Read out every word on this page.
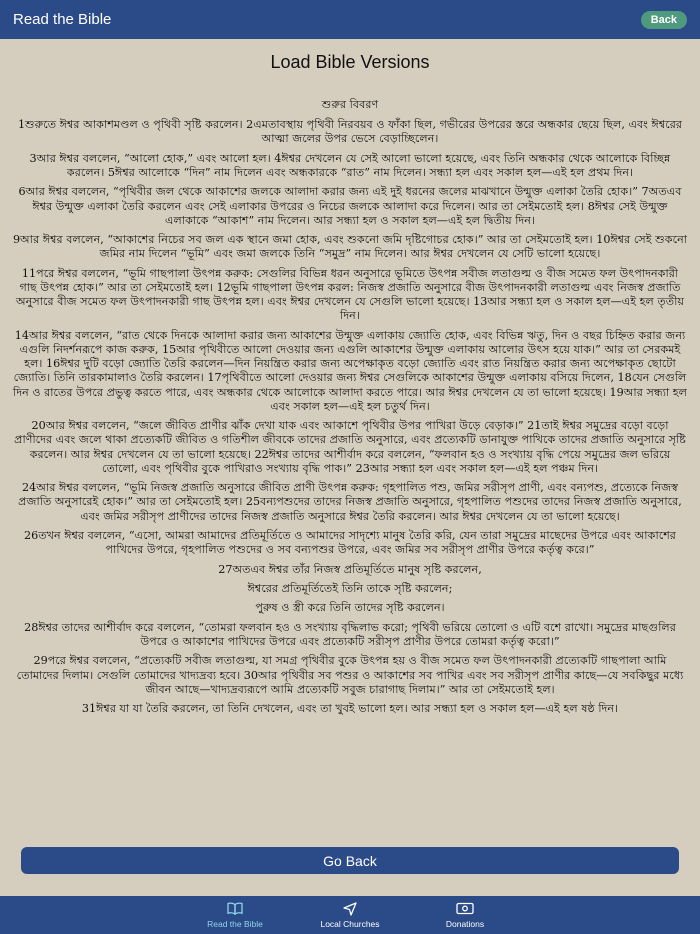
Read the Bible	Back
Load Bible Versions

শুরুর বিবরণ

1শুরুতে ঈশ্বর আকাশমণ্ডল ও পৃথিবী সৃষ্টি করলেন। 2এমতাবস্থায় পৃথিবী নিরবয়ব ও ফাঁকা ছিল, গভীরের উপরের স্তরে অন্ধকার ছেয়ে ছিল, এবং ঈশ্বরের আত্মা জলের উপর ভেসে বেড়াচ্ছিলেন।

3আর ঈশ্বর বললেন, “আলো হোক,” এবং আলো হল। 4ঈশ্বর দেখলেন যে সেই আলো ভালো হয়েছে, এবং তিনি অন্ধকার থেকে আলোকে বিচ্ছিন্ন করলেন। 5ঈশ্বর আলোকে “দিন” নাম দিলেন এবং অন্ধকারকে “রাত” নাম দিলেন। সন্ধ্যা হল এবং সকাল হল—এই হল প্রথম দিন।

6আর ঈশ্বর বললেন, “পৃথিবীর জল থেকে আকাশের জলকে আলাদা করার জন্য এই দুই ধরনের জলের মাঝখানে উন্মুক্ত এলাকা তৈরি হোক।” 7অতএব ঈশ্বর উন্মুক্ত এলাকা তৈরি করলেন এবং সেই এলাকার উপরের ও নিচের জলকে আলাদা করে দিলেন। আর তা সেইমতোই হল। 8ঈশ্বর সেই উন্মুক্ত এলাকাকে “আকাশ” নাম দিলেন। আর সন্ধ্যা হল ও সকাল হল—এই হল দ্বিতীয় দিন।

9আর ঈশ্বর বললেন, “আকাশের নিচের সব জল এক স্থানে জমা হোক, এবং শুকনো জমি দৃষ্টিগোচর হোক।” আর তা সেইমতোই হল। 10ঈশ্বর সেই শুকনো জমির নাম দিলেন “ভূমি” এবং জমা জলকে তিনি “সমুদ্র” নাম দিলেন। আর ঈশ্বর দেখলেন যে সেটি ভালো হয়েছে।

11পরে ঈশ্বর বললেন, “ভূমি গাছপালা উৎপন্ন করুক: সেগুলির বিভিন্ন ধরন অনুসারে ভূমিতে উৎপন্ন সবীজ লতাগুল্ম ও বীজ সমেত ফল উৎপাদনকারী গাছ উৎপন্ন হোক।” আর তা সেইমতোই হল। 12ভূমি গাছপালা উৎপন্ন করল: নিজস্ব প্রজাতি অনুসারে বীজ উৎপাদনকারী লতাগুল্ম এবং নিজস্ব প্রজাতি অনুসারে বীজ সমেত ফল উৎপাদনকারী গাছ উৎপন্ন হল। এবং ঈশ্বর দেখলেন যে সেগুলি ভালো হয়েছে। 13আর সন্ধ্যা হল ও সকাল হল—এই হল তৃতীয় দিন।

14আর ঈশ্বর বললেন, “রাত থেকে দিনকে আলাদা করার জন্য আকাশের উন্মুক্ত এলাকায় জ্যোতি হোক, এবং বিভিন্ন ঋতু, দিন ও বছর চিহ্নিত করার জন্য এগুলি নিদর্শনরূপে কাজ করুক, 15আর পৃথিবীতে আলো দেওয়ার জন্য এগুলি আকাশের উন্মুক্ত এলাকায় আলোর উৎস হয়ে যাক।” আর তা সেরকমই হল। 16ঈশ্বর দুটি বড়ো জ্যোতি তৈরি করলেন—দিন নিয়ন্ত্রিত করার জন্য অপেক্ষাকৃত বড়ো জ্যোতি এবং রাত নিয়ন্ত্রিত করার জন্য অপেক্ষাকৃত ছোটো জ্যোতি। তিনি তারকামালাও তৈরি করলেন। 17পৃথিবীতে আলো দেওয়ার জন্য ঈশ্বর সেগুলিকে আকাশের উন্মুক্ত এলাকায় বসিয়ে দিলেন, 18যেন সেগুলি দিন ও রাতের উপরে প্রভুত্ব করতে পারে, এবং অন্ধকার থেকে আলোকে আলাদা করতে পারে। আর ঈশ্বর দেখলেন যে তা ভালো হয়েছে। 19আর সন্ধ্যা হল এবং সকাল হল—এই হল চতুর্থ দিন।

20আর ঈশ্বর বললেন, “জলে জীবিত প্রাণীর ঝাঁক দেখা যাক এবং আকাশে পৃথিবীর উপর পাখিরা উড়ে বেড়াক।” 21তাই ঈশ্বর সমুদ্রের বড়ো বড়ো প্রাণীদের এবং জলে থাকা প্রত্যেকটি জীবিত ও গতিশীল জীবকে তাদের প্রজাতি অনুসারে, এবং প্রত্যেকটি ডানাযুক্ত পাখিকে তাদের প্রজাতি অনুসারে সৃষ্টি করলেন। আর ঈশ্বর দেখলেন যে তা ভালো হয়েছে। 22ঈশ্বর তাদের আশীর্বাদ করে বললেন, “ফলবান হও ও সংখ্যায় বৃদ্ধি পেয়ে সমুদ্রের জল ভরিয়ে তোলো, এবং পৃথিবীর বুকে পাখিরাও সংখ্যায় বৃদ্ধি পাক।” 23আর সন্ধ্যা হল এবং সকাল হল—এই হল পঞ্চম দিন।

24আর ঈশ্বর বললেন, “ভূমি নিজস্ব প্রজাতি অনুসারে জীবিত প্রাণী উৎপন্ন করুক: গৃহপালিত পশু, জমির সরীসৃপ প্রাণী, এবং বন্যপশু, প্রত্যেকে নিজস্ব প্রজাতি অনুসারেই হোক।” আর তা সেইমতোই হল। 25বন্যপশুদের তাদের নিজস্ব প্রজাতি অনুসারে, গৃহপালিত পশুদের তাদের নিজস্ব প্রজাতি অনুসারে, এবং জমির সরীসৃপ প্রাণীদের তাদের নিজস্ব প্রজাতি অনুসারে ঈশ্বর তৈরি করলেন। আর ঈশ্বর দেখলেন যে তা ভালো হয়েছে।

26তখন ঈশ্বর বললেন, “এসো, আমরা আমাদের প্রতিমূর্তিতে ও আমাদের সাদৃশ্যে মানুষ তৈরি করি, যেন তারা সমুদ্রের মাছেদের উপরে এবং আকাশের পাখিদের উপরে, গৃহপালিত পশুদের ও সব বন্যপশুর উপরে, এবং জমির সব সরীসৃপ প্রাণীর উপরে কর্তৃত্ব করে।”

27অতএব ঈশ্বর তাঁর নিজস্ব প্রতিমূর্তিতে মানুষ সৃষ্টি করলেন,

ঈশ্বরের প্রতিমূর্তিতেই তিনি তাকে সৃষ্টি করলেন;

পুরুষ ও স্ত্রী করে তিনি তাদের সৃষ্টি করলেন।

28ঈশ্বর তাদের আশীর্বাদ করে বললেন, “তোমরা ফলবান হও ও সংখ্যায় বৃদ্ধিলাভ করো; পৃথিবী ভরিয়ে তোলো ও এটি বশে রাখো। সমুদ্রের মাছগুলির উপরে ও আকাশের পাখিদের উপরে এবং প্রত্যেকটি সরীসৃপ প্রাণীর উপরে তোমরা কর্তৃত্ব করো।”

29পরে ঈশ্বর বললেন, “প্রত্যেকটি সবীজ লতাগুল্ম, যা সমগ্র পৃথিবীর বুকে উৎপন্ন হয় ও বীজ সমেত ফল উৎপাদনকারী প্রত্যেকটি গাছপালা আমি তোমাদের দিলাম। সেগুলি তোমাদের খাদ্যদ্রব্য হবে। 30আর পৃথিবীর সব পশুর ও আকাশের সব পাখির এবং সব সরীসৃপ প্রাণীর কাছে—যে সবকিছুর মধ্যে জীবন আছে—খাদ্যদ্রব্যরূপে আমি প্রত্যেকটি সবুজ চারাগাছ দিলাম।” আর তা সেইমতোই হল।

31ঈশ্বর যা যা তৈরি করলেন, তা তিনি দেখলেন, এবং তা খুবই ভালো হল। আর সন্ধ্যা হল ও সকাল হল—এই হল ষষ্ঠ দিন।

Go Back
Read the Bible	Local Churches	Donations
